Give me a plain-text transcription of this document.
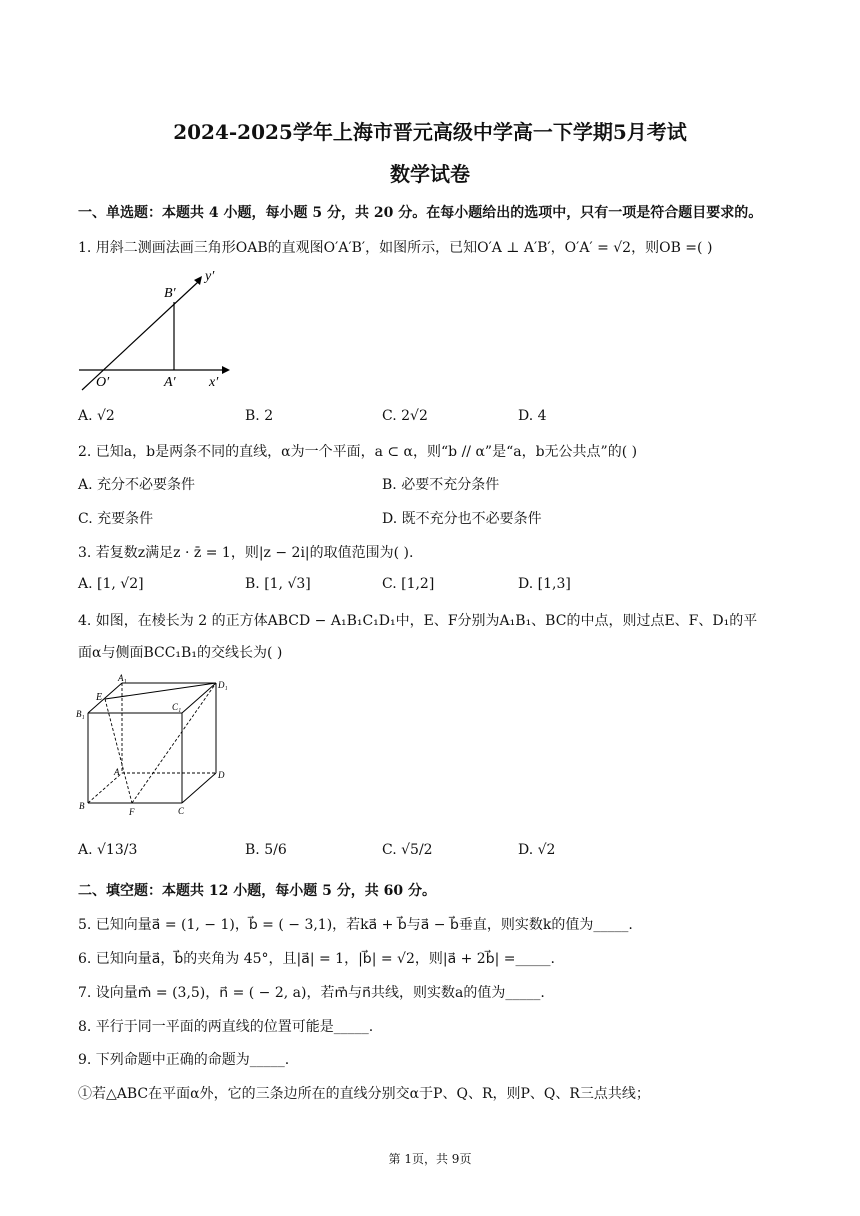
2024-2025学年上海市晋元高级中学高一下学期5月考试
数学试卷
一、单选题：本题共 4 小题，每小题 5 分，共 20 分。在每小题给出的选项中，只有一项是符合题目要求的。
1. 用斜二测画法画三角形OAB的直观图O′A′B′，如图所示，已知O′A ⊥ A′B′，O′A′ = √2，则OB =( )
y′
B′
O′	A′ x′
A. √2	B. 2	C. 2√2	D. 4
2. 已知a，b是两条不同的直线，α为一个平面，a ⊂ α，则“b // α”是“a，b无公共点”的( )
A. 充分不必要条件	B. 必要不充分条件
C. 充要条件	D. 既不充分也不必要条件
3. 若复数z满足z · z̄ = 1，则|z − 2i|的取值范围为( ).
A. [1, √2]	B. [1, √3]	C. [1,2]	D. [1,3]
4. 如图，在棱长为 2 的正方体ABCD − A₁B₁C₁D₁中，E、F分别为A₁B₁、BC的中点，则过点E、F、D₁的平
面α与侧面BCC₁B₁的交线长为( )
E
A₁
D₁
B₁
C₁
A	D
B
F	C
A. √13/3	B. 5/6	C. √5/2	D. √2
二、填空题：本题共 12 小题，每小题 5 分，共 60 分。
5. 已知向量a⃗ = (1, − 1)，b⃗ = ( − 3,1)，若ka⃗ + b⃗与a⃗ − b⃗垂直，则实数k的值为_____.
6. 已知向量a⃗，b⃗的夹角为 45°，且|a⃗| = 1，|b⃗| = √2，则|a⃗ + 2b⃗| =_____.
7. 设向量m⃗ = (3,5)，n⃗ = ( − 2, a)，若m⃗与n⃗共线，则实数a的值为_____.
8. 平行于同一平面的两直线的位置可能是_____.
9. 下列命题中正确的命题为_____.
①若△ABC在平面α外，它的三条边所在的直线分别交α于P、Q、R，则P、Q、R三点共线；
第 1页，共 9页
